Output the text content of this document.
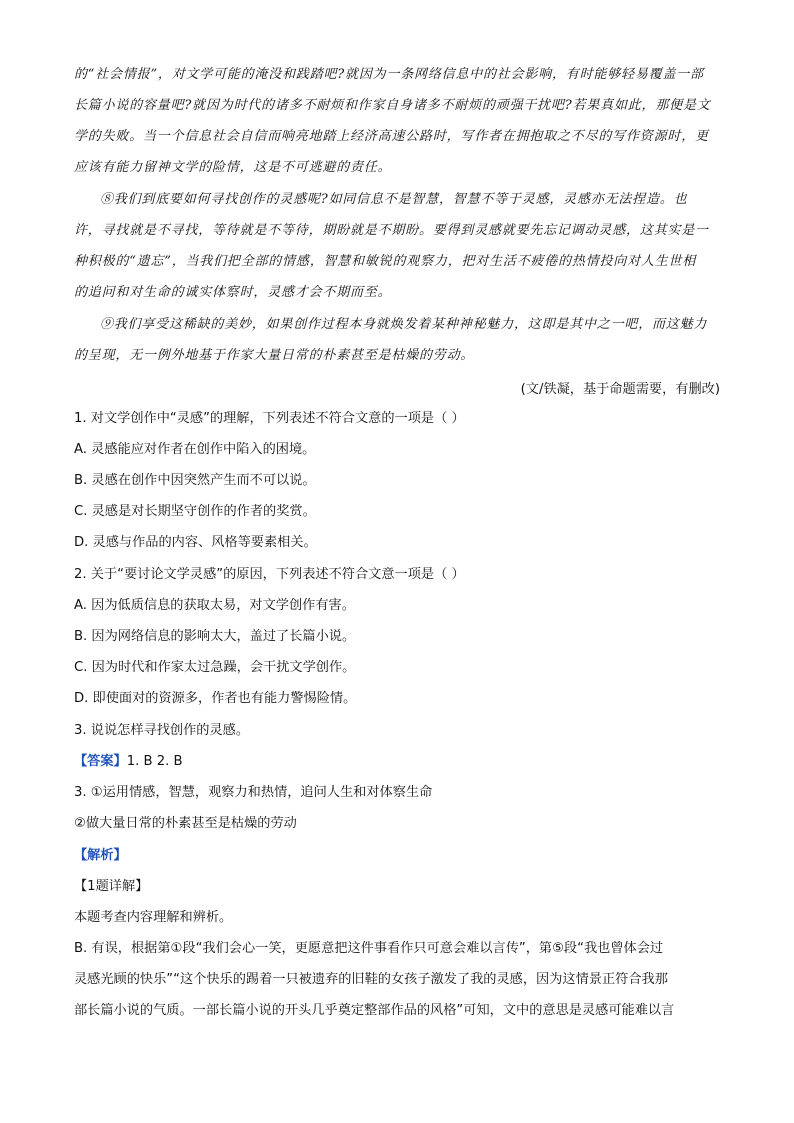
的“社会情报”，对文学可能的淹没和践踏吧?就因为一条网络信息中的社会影响，有时能够轻易覆盖一部
长篇小说的容量吧?就因为时代的诸多不耐烦和作家自身诸多不耐烦的顽强干扰吧?若果真如此，那便是文
学的失败。当一个信息社会自信而响亮地踏上经济高速公路时，写作者在拥抱取之不尽的写作资源时，更
应该有能力留神文学的险情，这是不可逃避的责任。
⑧我们到底要如何寻找创作的灵感呢?如同信息不是智慧，智慧不等于灵感，灵感亦无法捏造。也
许，寻找就是不寻找，等待就是不等待，期盼就是不期盼。要得到灵感就要先忘记调动灵感，这其实是一
种积极的“遗忘”，当我们把全部的情感，智慧和敏锐的观察力，把对生活不疲倦的热情投向对人生世相
的追问和对生命的诚实体察时，灵感才会不期而至。
⑨我们享受这稀缺的美妙，如果创作过程本身就焕发着某种神秘魅力，这即是其中之一吧，而这魅力
的呈现，无一例外地基于作家大量日常的朴素甚至是枯燥的劳动。
(文/铁凝，基于命题需要，有删改)
1. 对文学创作中“灵感”的理解，下列表述不符合文意的一项是（ ）
A. 灵感能应对作者在创作中陷入的困境。
B. 灵感在创作中因突然产生而不可以说。
C. 灵感是对长期坚守创作的作者的奖赏。
D. 灵感与作品的内容、风格等要素相关。
2. 关于“要讨论文学灵感”的原因，下列表述不符合文意一项是（ ）
A. 因为低质信息的获取太易，对文学创作有害。
B. 因为网络信息的影响太大，盖过了长篇小说。
C. 因为时代和作家太过急躁，会干扰文学创作。
D. 即使面对的资源多，作者也有能力警惕险情。
3. 说说怎样寻找创作的灵感。
【答案】1. B 2. B
3. ①运用情感，智慧，观察力和热情，追问人生和对体察生命
②做大量日常的朴素甚至是枯燥的劳动
【解析】
【1题详解】
本题考查内容理解和辨析。
B. 有误，根据第①段“我们会心一笑，更愿意把这件事看作只可意会难以言传”，第⑤段“我也曾体会过
灵感光顾的快乐”“这个快乐的踢着一只被遗弃的旧鞋的女孩子激发了我的灵感，因为这情景正符合我那
部长篇小说的气质。一部长篇小说的开头几乎奠定整部作品的风格”可知，文中的意思是灵感可能难以言
